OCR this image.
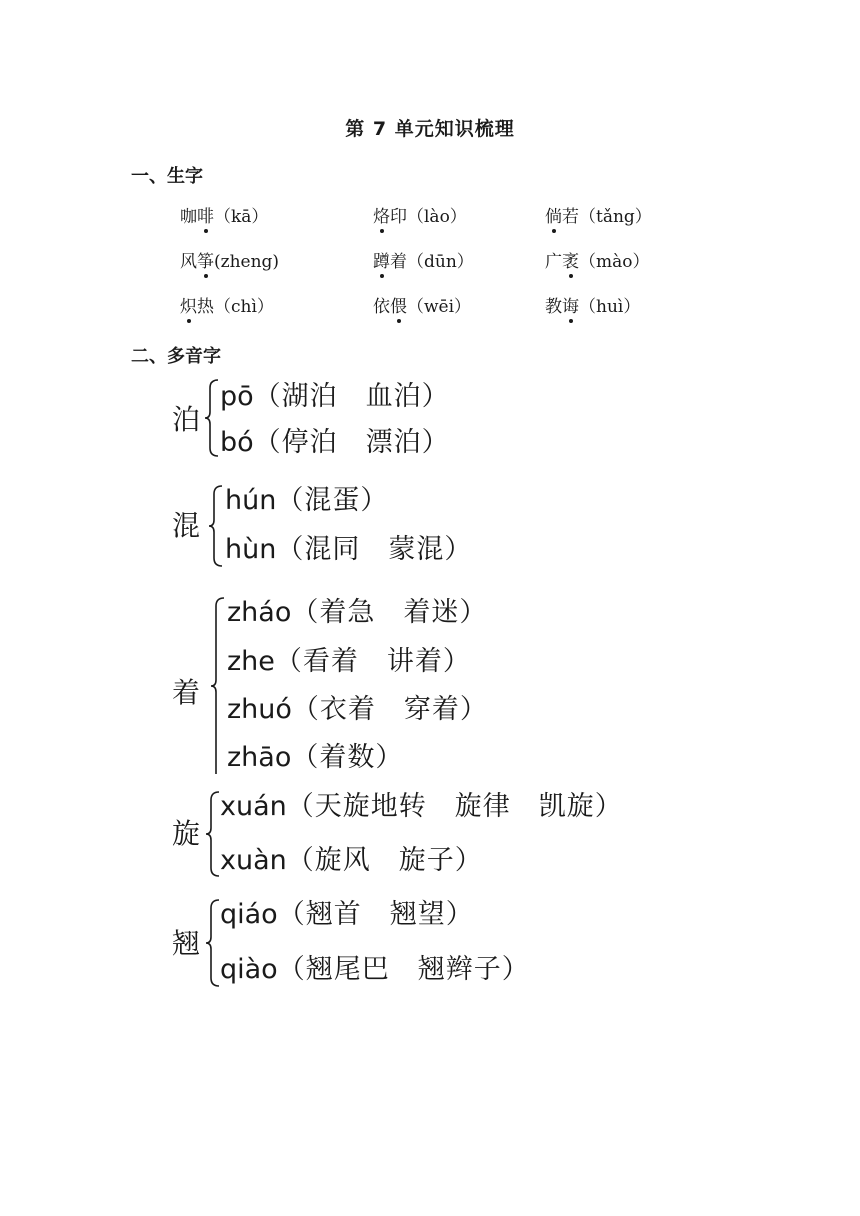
第 7 单元知识梳理
一、生字
咖啡（kā）	烙印（lào）	倘若（tǎng）
风筝(zheng)	蹲着（dūn）	广袤（mào）
炽热（chì）	依偎（wēi）	教诲（huì）
二、多音字
泊
pō（湖泊　血泊）
bó（停泊　漂泊）
混
hún（混蛋）
hùn（混同　蒙混）
着
zháo（着急　着迷）
zhe（看着　讲着）
zhuó（衣着　穿着）
zhāo（着数）
旋
xuán（天旋地转　旋律　凯旋）
xuàn（旋风　旋子）
翘
qiáo（翘首　翘望）
qiào（翘尾巴　翘辫子）
